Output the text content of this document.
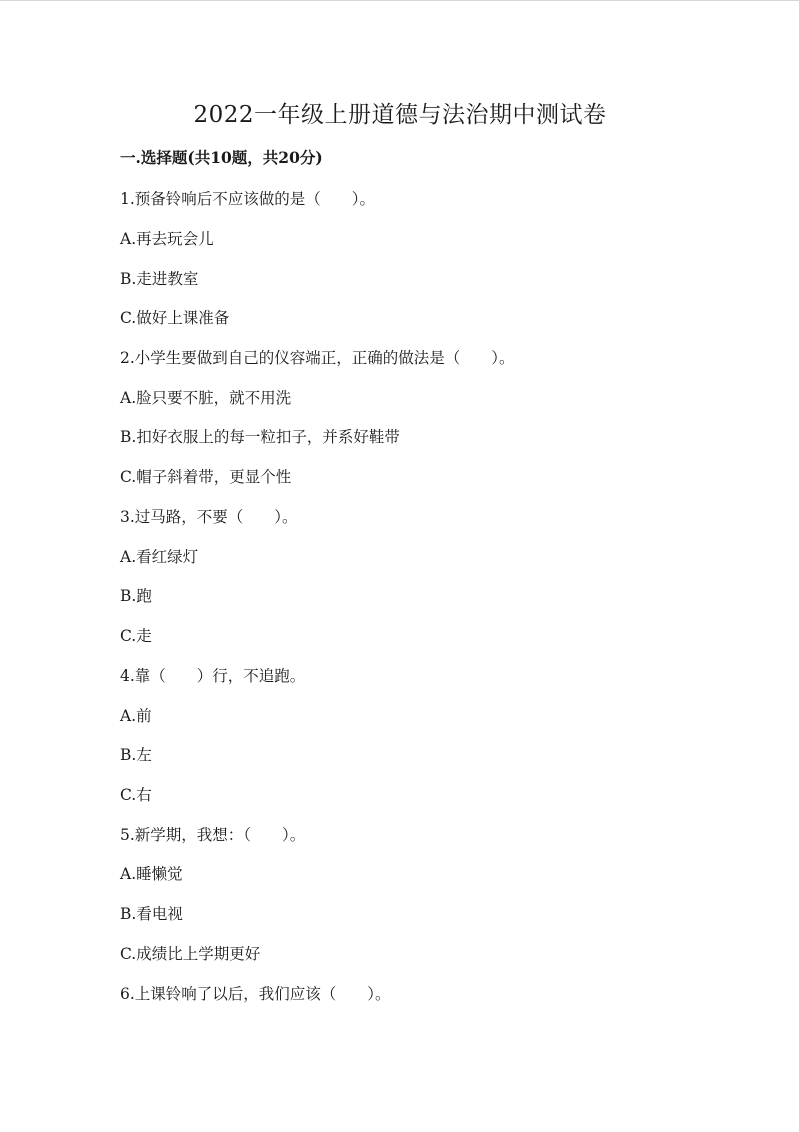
2022一年级上册道德与法治期中测试卷
一.选择题(共10题，共20分)
1.预备铃响后不应该做的是（　　）。
A.再去玩会儿
B.走进教室
C.做好上课准备
2.小学生要做到自己的仪容端正，正确的做法是（　　）。
A.脸只要不脏，就不用洗
B.扣好衣服上的每一粒扣子，并系好鞋带
C.帽子斜着带，更显个性
3.过马路，不要（　　）。
A.看红绿灯
B.跑
C.走
4.靠（　　）行，不追跑。
A.前
B.左
C.右
5.新学期，我想：（　　）。
A.睡懒觉
B.看电视
C.成绩比上学期更好
6.上课铃响了以后，我们应该（　　）。
